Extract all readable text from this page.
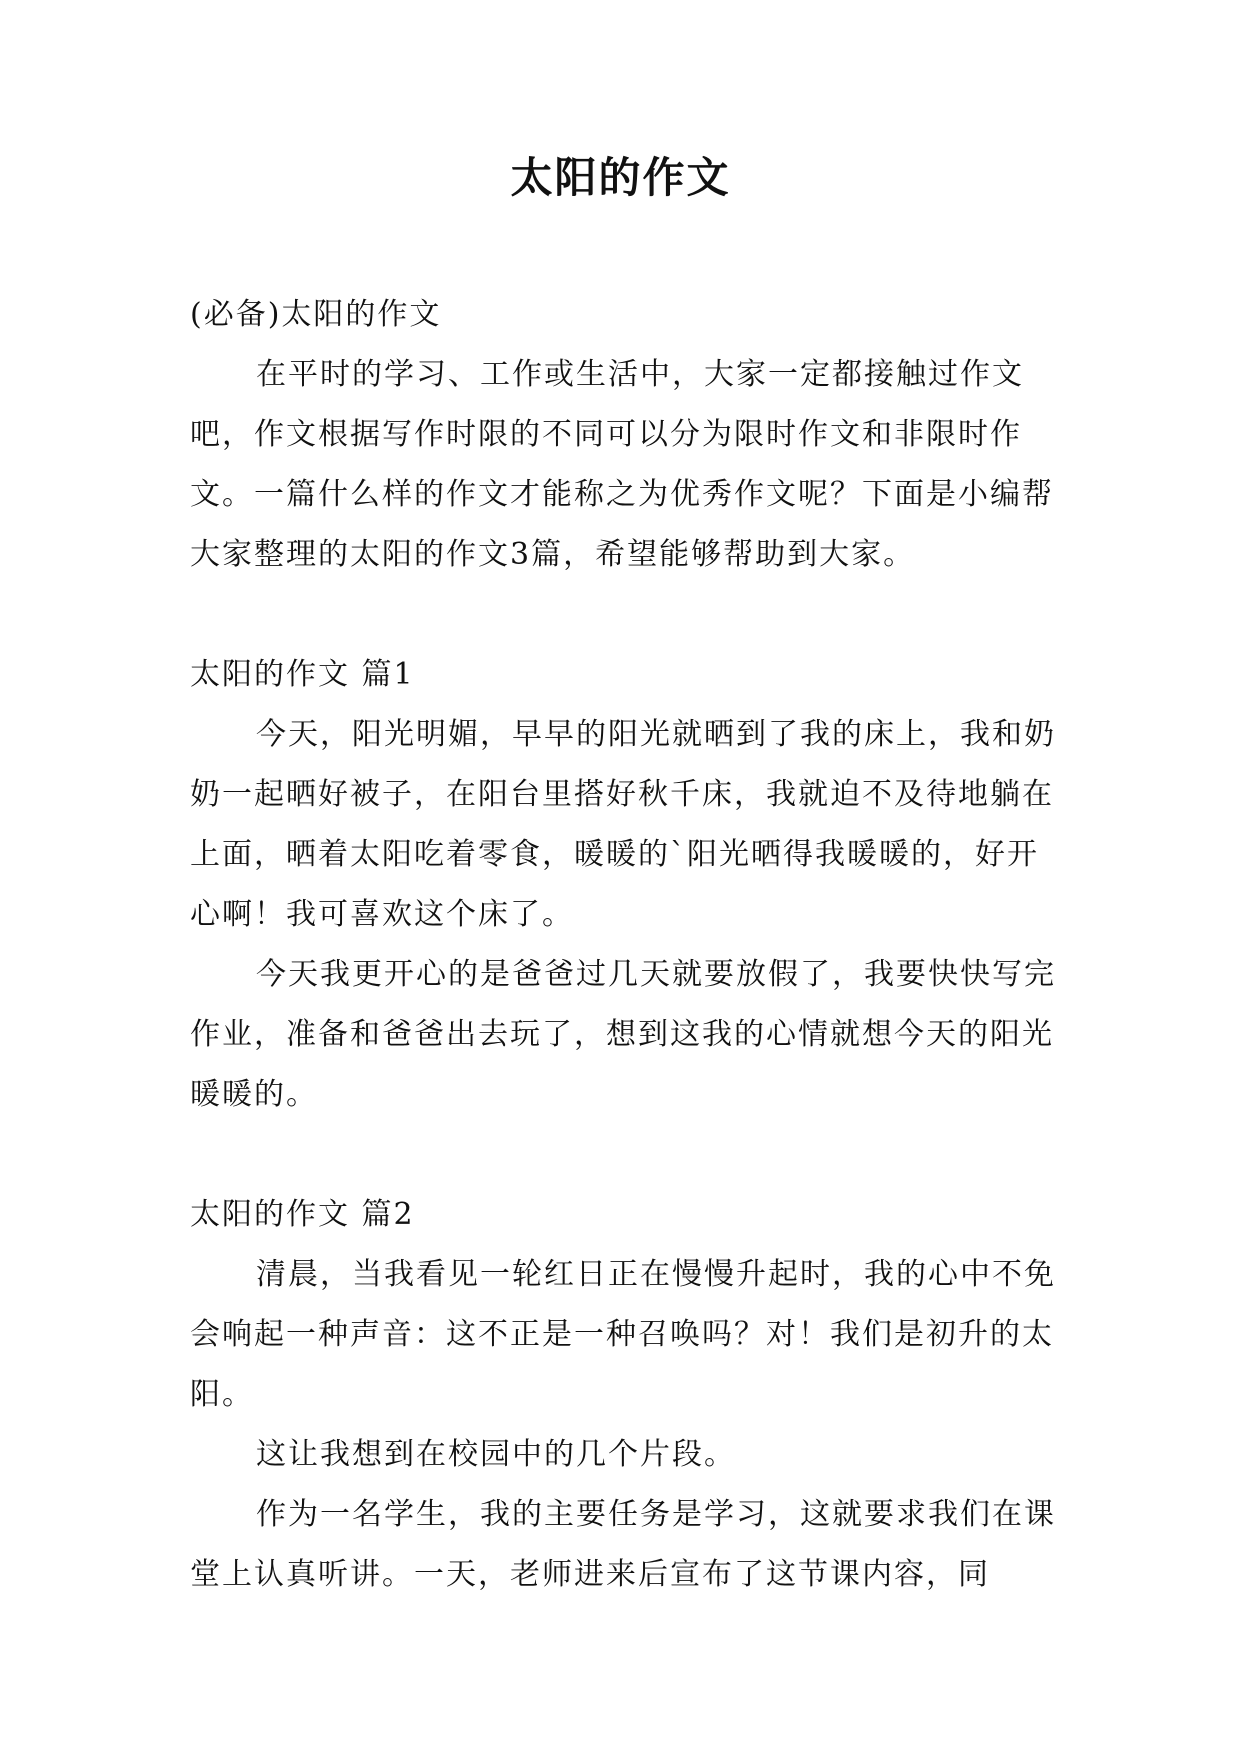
太阳的作文

(必备)太阳的作文

在平时的学习、工作或生活中，大家一定都接触过作文吧，作文根据写作时限的不同可以分为限时作文和非限时作文。一篇什么样的作文才能称之为优秀作文呢？下面是小编帮大家整理的太阳的作文3篇，希望能够帮助到大家。

太阳的作文 篇1

今天，阳光明媚，早早的阳光就晒到了我的床上，我和奶奶一起晒好被子，在阳台里搭好秋千床，我就迫不及待地躺在上面，晒着太阳吃着零食，暖暖的`阳光晒得我暖暖的，好开心啊！我可喜欢这个床了。

今天我更开心的是爸爸过几天就要放假了，我要快快写完作业，准备和爸爸出去玩了，想到这我的心情就想今天的阳光暖暖的。

太阳的作文 篇2

清晨，当我看见一轮红日正在慢慢升起时，我的心中不免会响起一种声音：这不正是一种召唤吗？对！我们是初升的太阳。

这让我想到在校园中的几个片段。

作为一名学生，我的主要任务是学习，这就要求我们在课堂上认真听讲。一天，老师进来后宣布了这节课内容，同
